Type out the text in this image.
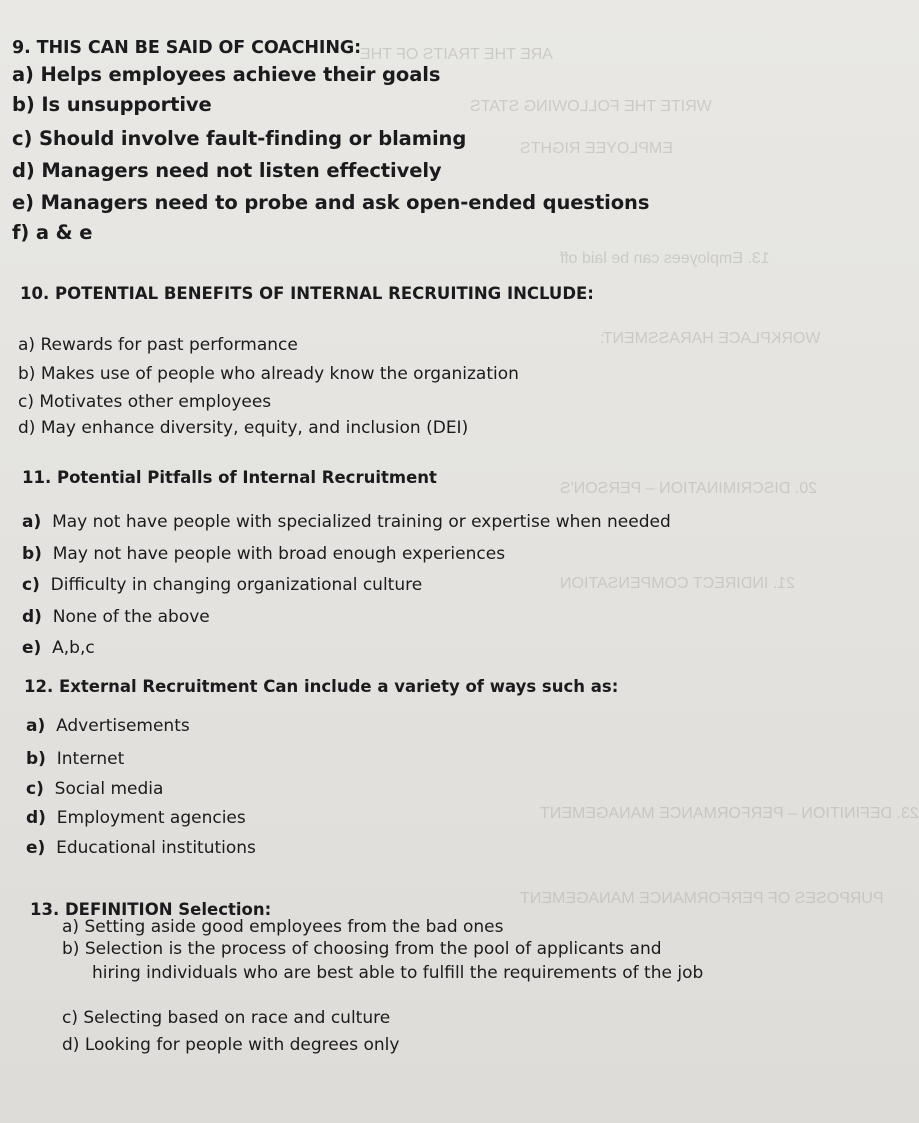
ARE THE TRAITS OF THE
WRITE THE FOLLOWING STATS
EMPLOYEE RIGHTS
13. Employees can be laid off
WORKPLACE HARASSMENT:
20. DISCRIMINATION – PERSON'S
21. INDIRECT COMPENSATION
23. DEFINITION – PERFORMANCE MANAGEMENT
PURPOSES OF PERFORMANCE MANAGEMENT
9. THIS CAN BE SAID OF COACHING:
a) Helps employees achieve their goals
b) Is unsupportive
c) Should involve fault-finding or blaming
d) Managers need not listen effectively
e) Managers need to probe and ask open-ended questions
f) a & e
10. POTENTIAL BENEFITS OF INTERNAL RECRUITING INCLUDE:
a) Rewards for past performance
b) Makes use of people who already know the organization
c) Motivates other employees
d) May enhance diversity, equity, and inclusion (DEI)
11. Potential Pitfalls of Internal Recruitment
a) May not have people with specialized training or expertise when needed
b) May not have people with broad enough experiences
c) Difficulty in changing organizational culture
d) None of the above
e) A,b,c
12. External Recruitment Can include a variety of ways such as:
a) Advertisements
b) Internet
c) Social media
d) Employment agencies
e) Educational institutions
13. DEFINITION Selection:
a) Setting aside good employees from the bad ones
b) Selection is the process of choosing from the pool of applicants and
hiring individuals who are best able to fulfill the requirements of the job
c) Selecting based on race and culture
d) Looking for people with degrees only
